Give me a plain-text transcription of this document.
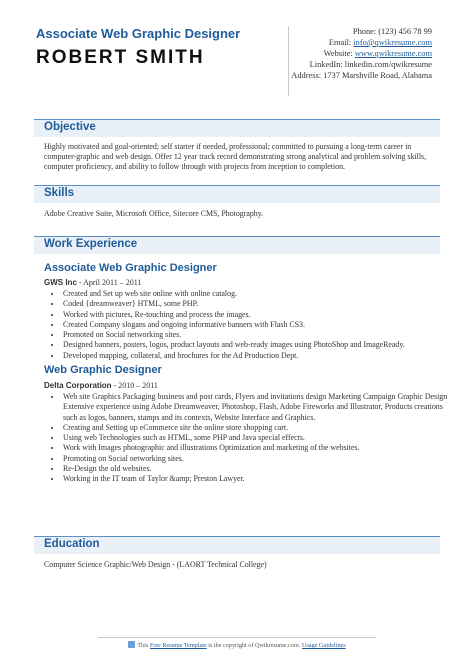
Associate Web Graphic Designer
ROBERT SMITH
Phone: (123) 456 78 99
Email: info@qwikresume.com
Website: www.qwikresume.com
LinkedIn: linkedin.com/qwikresume
Address: 1737 Marshville Road, Alabama
Objective
Highly motivated and goal-oriented; self starter if needed, professional; committed to pursuing a long-term career in computer-graphic and web design. Offer 12 year track record demonstrating strong analytical and problem solving skills, computer proficiency, and ability to follow through with projects from inception to completion.
Skills
Adobe Creative Suite, Microsoft Office, Sitecore CMS, Photography.
Work Experience
Associate Web Graphic Designer
GWS Inc - April 2011 – 2011
• Created and Set up web site online with online catalog.
• Coded {dreamweaver} HTML, some PHP.
• Worked with pictures, Re-touching and process the images.
• Created Company slogans and ongoing informative banners with Flash CS3.
• Promoted on Social networking sites.
• Designed banners, posters, logos, product layouts and web-ready images using PhotoShop and ImageReady.
• Developed mapping, collateral, and brochures for the Ad Production Dept.
Web Graphic Designer
Delta Corporation - 2010 – 2011
• Web site Graphics Packaging business and post cards, Flyers and invitations design Marketing Campaign Graphic Design Extensive experience using Adobe Dreamweaver, Photoshop, Flash, Adobe Fireworks and Illustrator, Products creations such as logos, banners, stamps and its contexts, Website Interface and Graphics.
• Creating and Setting up eCommerce site the online store shopping cart.
• Using web Technologies such as HTML, some PHP and Java special effects.
• Work with Images photographic and illustrations Optimization and marketing of the websites.
• Promoting on Social networking sites.
• Re-Design the old websites.
• Working in the IT team of Taylor &amp; Preston Lawyer.
Education
Computer Science Graphic/Web Design - (LAORT Technical College)
This Free Resume Template is the copyright of Qwikresume.com. Usage Guidelines
